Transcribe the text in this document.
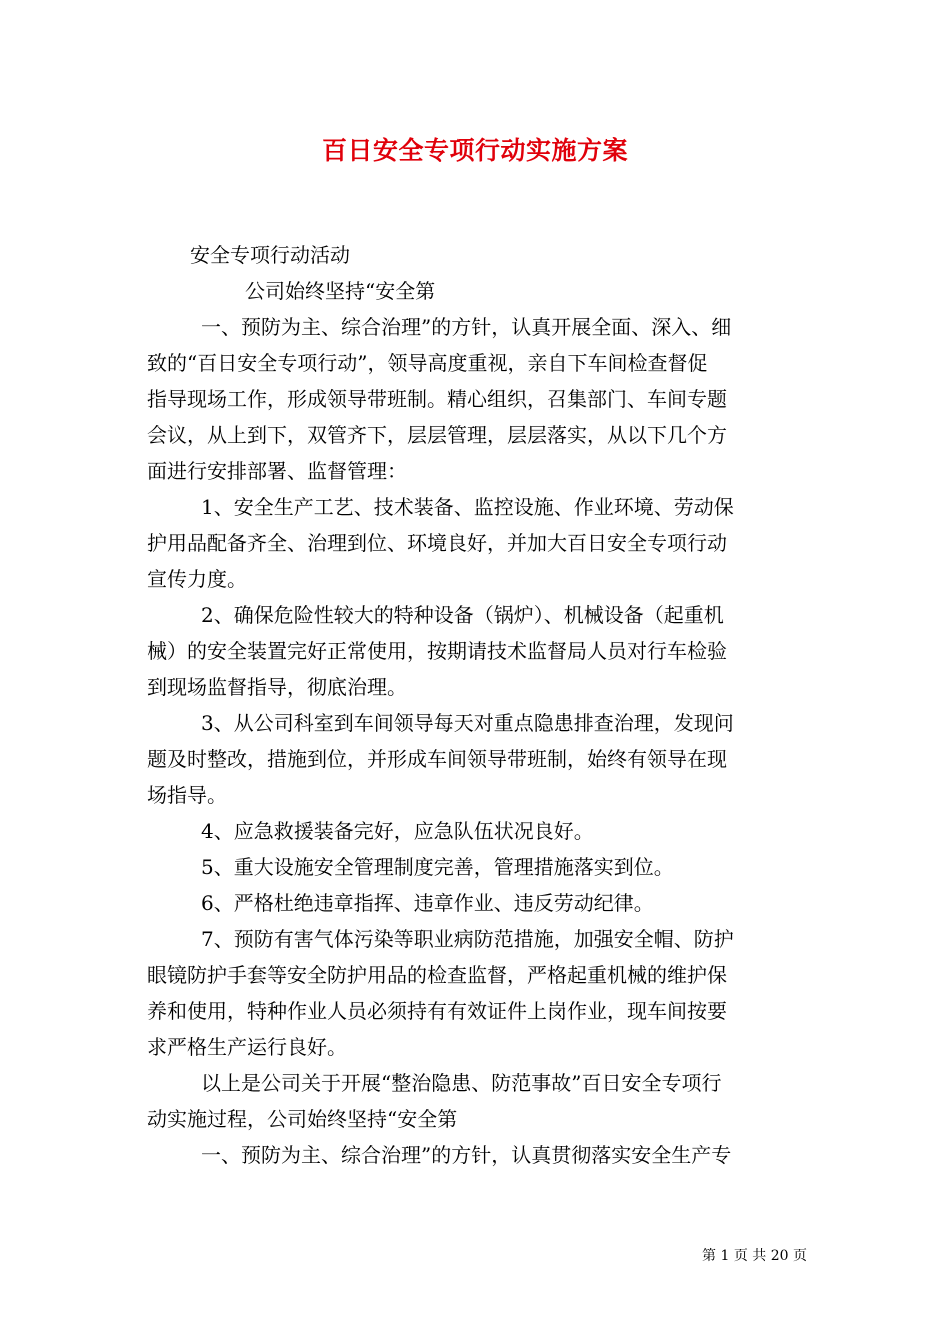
百日安全专项行动实施方案
安全专项行动活动
公司始终坚持“安全第
一、预防为主、综合治理”的方针，认真开展全面、深入、细
致的“百日安全专项行动”，领导高度重视，亲自下车间检查督促
指导现场工作，形成领导带班制。精心组织，召集部门、车间专题
会议，从上到下，双管齐下，层层管理，层层落实，从以下几个方
面进行安排部署、监督管理：
1、安全生产工艺、技术装备、监控设施、作业环境、劳动保
护用品配备齐全、治理到位、环境良好，并加大百日安全专项行动
宣传力度。
2、确保危险性较大的特种设备（锅炉）、机械设备（起重机
械）的安全装置完好正常使用，按期请技术监督局人员对行车检验
到现场监督指导，彻底治理。
3、从公司科室到车间领导每天对重点隐患排查治理，发现问
题及时整改，措施到位，并形成车间领导带班制，始终有领导在现
场指导。
4、应急救援装备完好，应急队伍状况良好。
5、重大设施安全管理制度完善，管理措施落实到位。
6、严格杜绝违章指挥、违章作业、违反劳动纪律。
7、预防有害气体污染等职业病防范措施，加强安全帽、防护
眼镜防护手套等安全防护用品的检查监督，严格起重机械的维护保
养和使用，特种作业人员必须持有有效证件上岗作业，现车间按要
求严格生产运行良好。
以上是公司关于开展“整治隐患、防范事故”百日安全专项行
动实施过程，公司始终坚持“安全第
一、预防为主、综合治理”的方针，认真贯彻落实安全生产专
第 1 页 共 20 页
